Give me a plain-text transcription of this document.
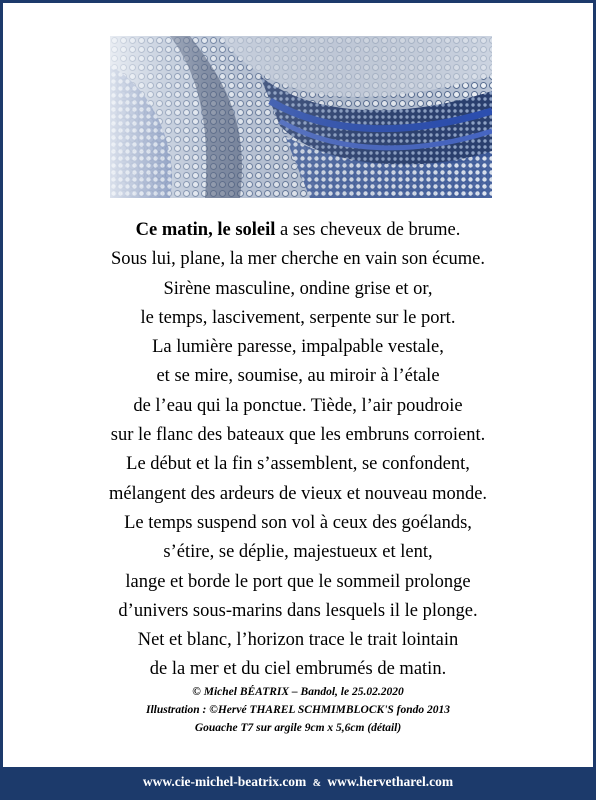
Ce matin, le soleil a ses cheveux de brume.
Sous lui, plane, la mer cherche en vain son écume.
Sirène masculine, ondine grise et or,
le temps, lascivement, serpente sur le port.
La lumière paresse, impalpable vestale,
et se mire, soumise, au miroir à l’étale
de l’eau qui la ponctue. Tiède, l’air poudroie
sur le flanc des bateaux que les embruns corroient.
Le début et la fin s’assemblent, se confondent,
mélangent des ardeurs de vieux et nouveau monde.
Le temps suspend son vol à ceux des goélands,
s’étire, se déplie, majestueux et lent,
lange et borde le port que le sommeil prolonge
d’univers sous-marins dans lesquels il le plonge.
Net et blanc, l’horizon trace le trait lointain
de la mer et du ciel embrumés de matin.
© Michel BÉATRIX – Bandol, le 25.02.2020
Illustration : ©Hervé THAREL SCHMIMBLOCK'S fondo 2013
Gouache T7 sur argile 9cm x 5,6cm (détail)
www.cie-michel-beatrix.com & www.hervetharel.com
